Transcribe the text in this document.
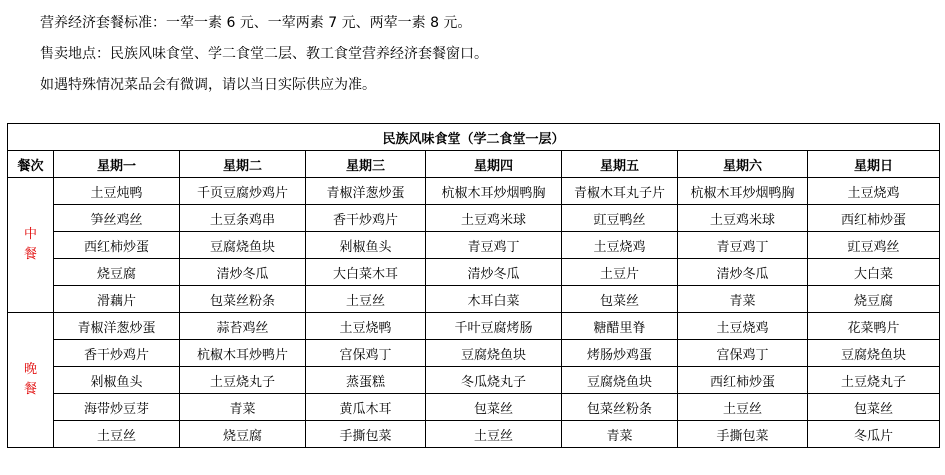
营养经济套餐标准：一荤一素 6 元、一荤两素 7 元、两荤一素 8 元。
售卖地点：民族风味食堂、学二食堂二层、教工食堂营养经济套餐窗口。
如遇特殊情况菜品会有微调，请以当日实际供应为准。
民族风味食堂（学二食堂一层）							
餐次	星期一	星期二	星期三	星期四	星期五	星期六	星期日

中
餐	土豆炖鸭	千页豆腐炒鸡片	青椒洋葱炒蛋	杭椒木耳炒烟鸭胸	青椒木耳丸子片	杭椒木耳炒烟鸭胸	土豆烧鸡
	笋丝鸡丝	土豆条鸡串	香干炒鸡片	土豆鸡米球	豇豆鸭丝	土豆鸡米球	西红柿炒蛋
	西红柿炒蛋	豆腐烧鱼块	剁椒鱼头	青豆鸡丁	土豆烧鸡	青豆鸡丁	豇豆鸡丝
	烧豆腐	清炒冬瓜	大白菜木耳	清炒冬瓜	土豆片	清炒冬瓜	大白菜
	滑藕片	包菜丝粉条	土豆丝	木耳白菜	包菜丝	青菜	烧豆腐

晚
餐	青椒洋葱炒蛋	蒜苔鸡丝	土豆烧鸭	千叶豆腐烤肠	糖醋里脊	土豆烧鸡	花菜鸭片
	香干炒鸡片	杭椒木耳炒鸭片	宫保鸡丁	豆腐烧鱼块	烤肠炒鸡蛋	宫保鸡丁	豆腐烧鱼块
	剁椒鱼头	土豆烧丸子	蒸蛋糕	冬瓜烧丸子	豆腐烧鱼块	西红柿炒蛋	土豆烧丸子
	海带炒豆芽	青菜	黄瓜木耳	包菜丝	包菜丝粉条	土豆丝	包菜丝
	土豆丝	烧豆腐	手撕包菜	土豆丝	青菜	手撕包菜	冬瓜片
